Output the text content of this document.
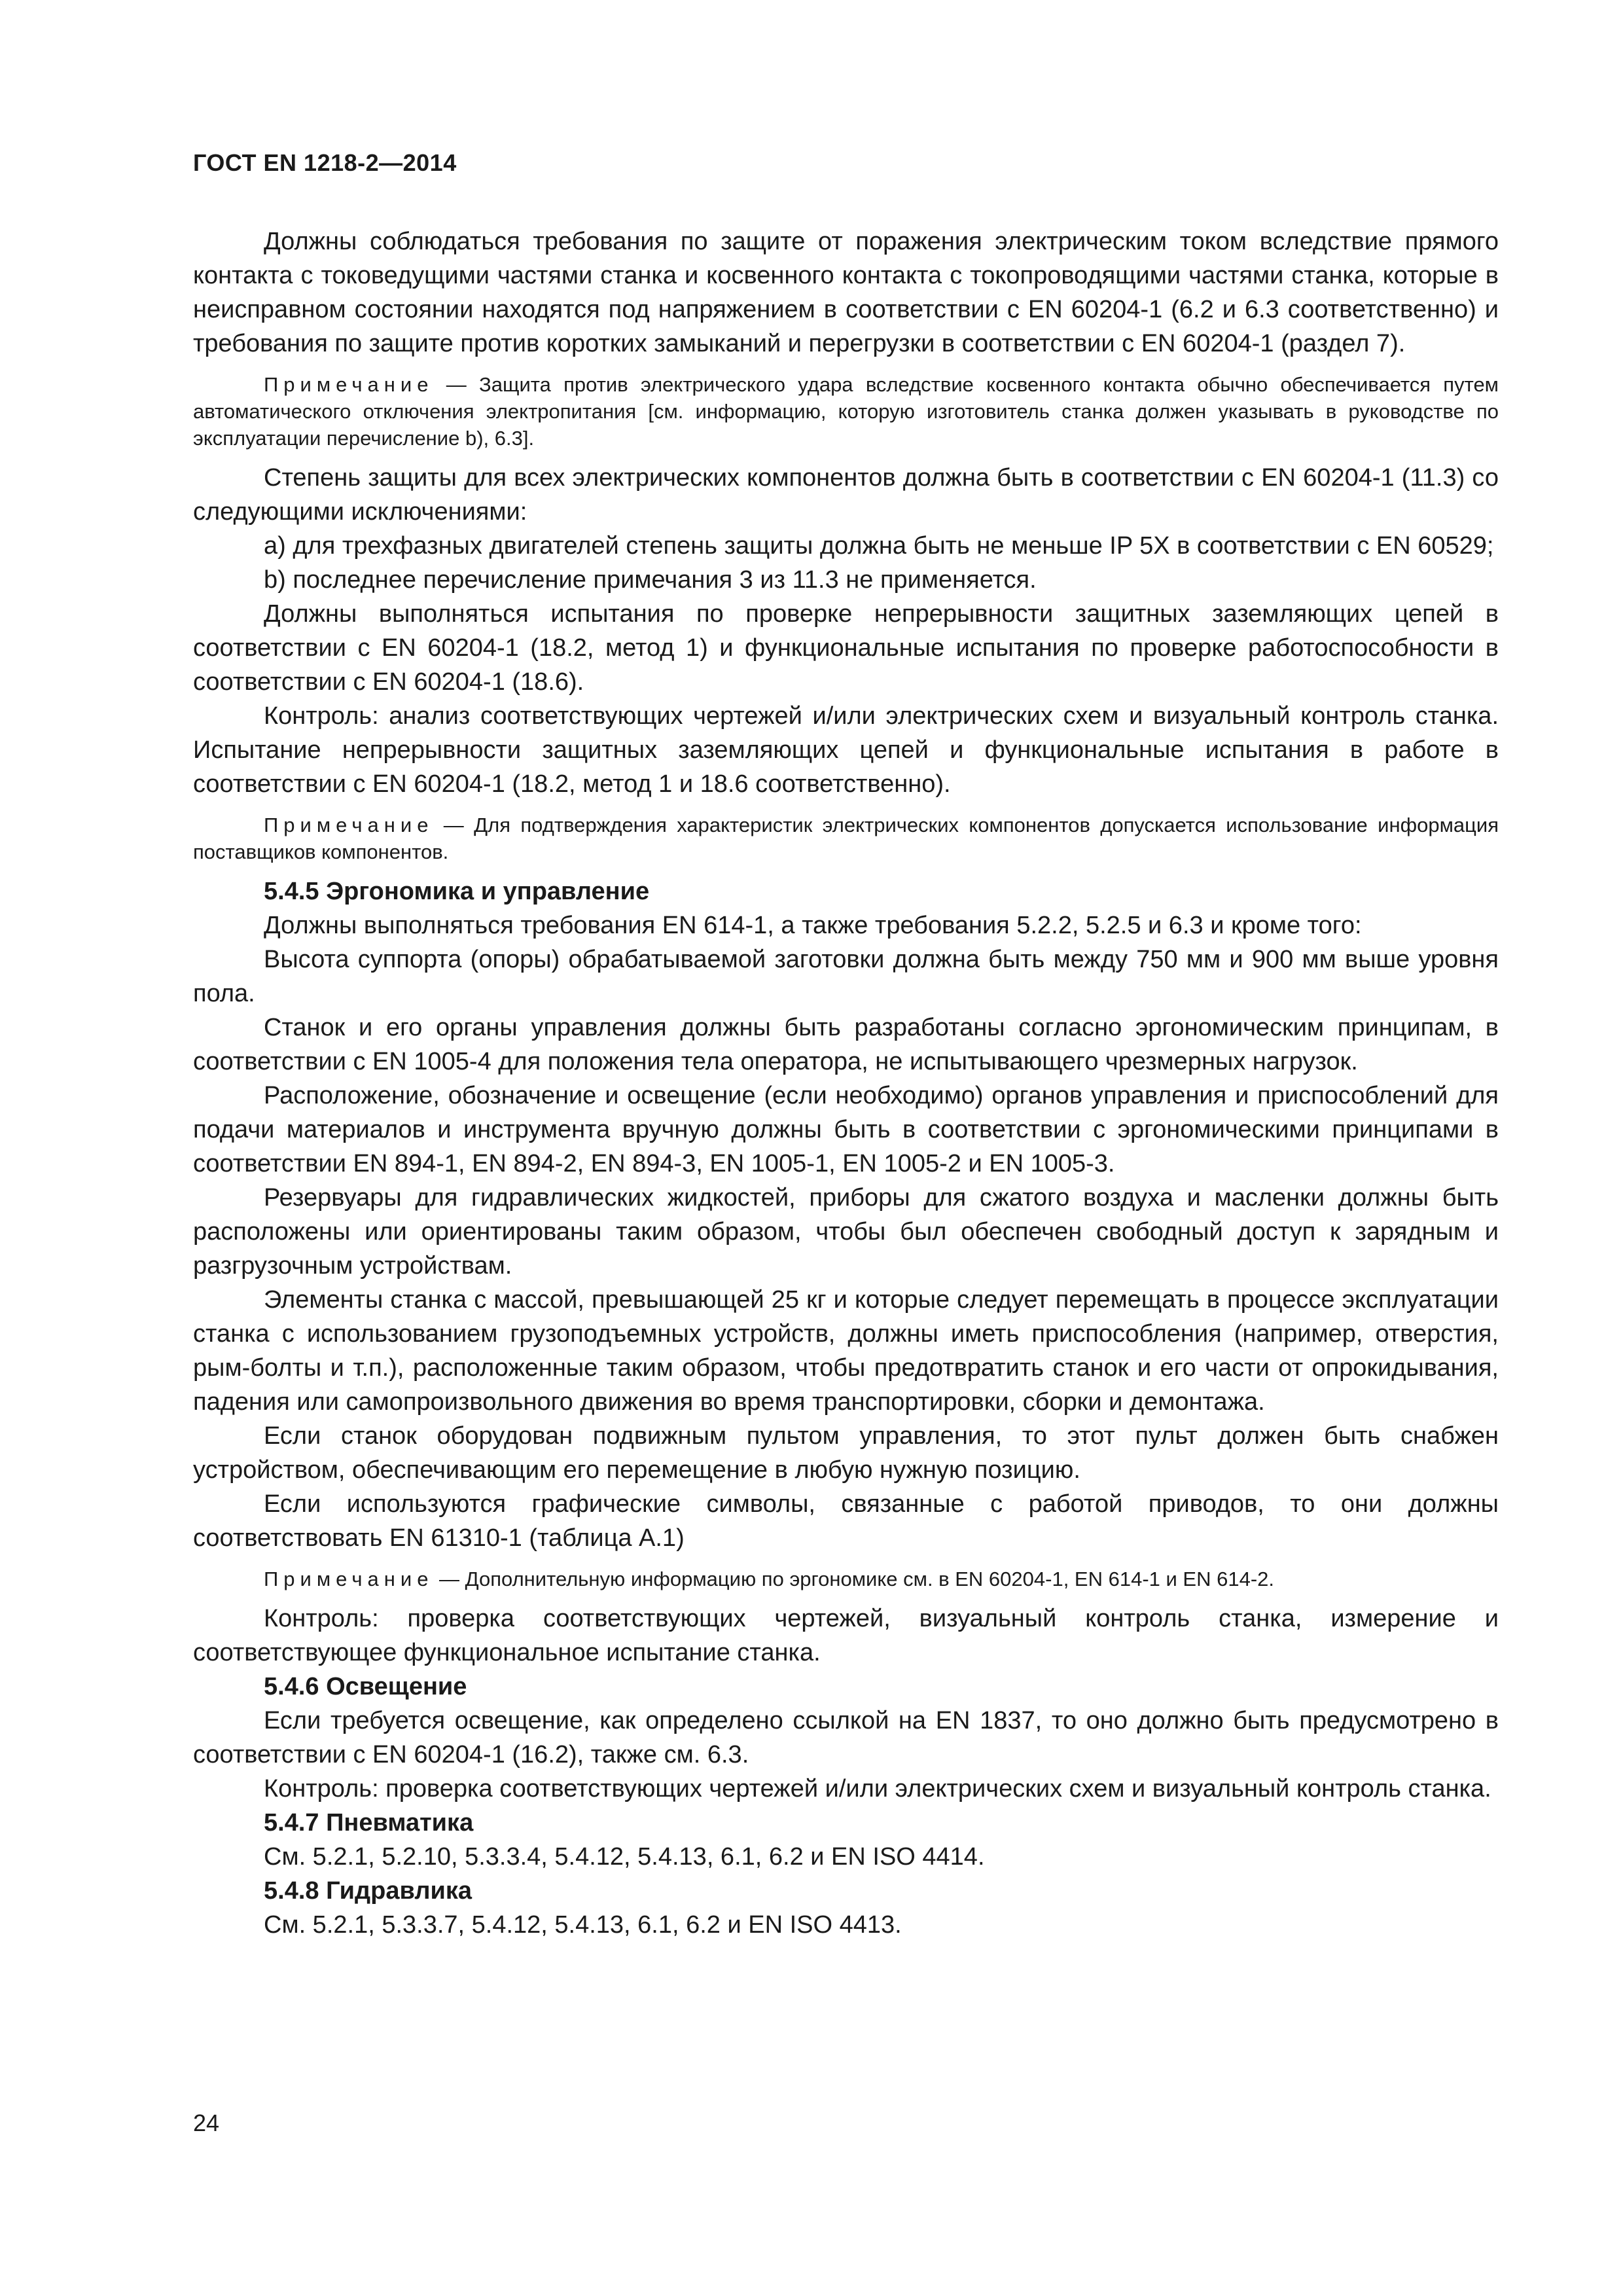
ГОСТ EN 1218-2—2014

Должны соблюдаться требования по защите от поражения электрическим током вследствие прямого контакта с токоведущими частями станка и косвенного контакта с токопроводящими частями станка, которые в неисправном состоянии находятся под напряжением в соответствии с EN 60204-1 (6.2 и 6.3 соответственно) и требования по защите против коротких замыканий и перегрузки в соответствии с EN 60204-1 (раздел 7).

Примечание — Защита против электрического удара вследствие косвенного контакта обычно обеспечивается путем автоматического отключения электропитания [см. информацию, которую изготовитель станка должен указывать в руководстве по эксплуатации перечисление b), 6.3].

Степень защиты для всех электрических компонентов должна быть в соответствии с EN 60204-1 (11.3) со следующими исключениями:

a) для трехфазных двигателей степень защиты должна быть не меньше IP 5X в соответствии с EN 60529;

b) последнее перечисление примечания 3 из 11.3 не применяется.

Должны выполняться испытания по проверке непрерывности защитных заземляющих цепей в соответствии с EN 60204-1 (18.2, метод 1) и функциональные испытания по проверке работоспособности в соответствии с EN 60204-1 (18.6).

Контроль: анализ соответствующих чертежей и/или электрических схем и визуальный контроль станка. Испытание непрерывности защитных заземляющих цепей и функциональные испытания в работе в соответствии с EN 60204-1 (18.2, метод 1 и 18.6 соответственно).

Примечание — Для подтверждения характеристик электрических компонентов допускается использование информация поставщиков компонентов.

5.4.5 Эргономика и управление

Должны выполняться требования EN 614-1, а также требования 5.2.2, 5.2.5 и 6.3 и кроме того:

Высота суппорта (опоры) обрабатываемой заготовки должна быть между 750 мм и 900 мм выше уровня пола.

Станок и его органы управления должны быть разработаны согласно эргономическим принципам, в соответствии с EN 1005-4 для положения тела оператора, не испытывающего чрезмерных нагрузок.

Расположение, обозначение и освещение (если необходимо) органов управления и приспособлений для подачи материалов и инструмента вручную должны быть в соответствии с эргономическими принципами в соответствии EN 894-1, EN 894-2, EN 894-3, EN 1005-1, EN 1005-2 и EN 1005-3.

Резервуары для гидравлических жидкостей, приборы для сжатого воздуха и масленки должны быть расположены или ориентированы таким образом, чтобы был обеспечен свободный доступ к зарядным и разгрузочным устройствам.

Элементы станка с массой, превышающей 25 кг и которые следует перемещать в процессе эксплуатации станка с использованием грузоподъемных устройств, должны иметь приспособления (например, отверстия, рым-болты и т.п.), расположенные таким образом, чтобы предотвратить станок и его части от опрокидывания, падения или самопроизвольного движения во время транспортировки, сборки и демонтажа.

Если станок оборудован подвижным пультом управления, то этот пульт должен быть снабжен устройством, обеспечивающим его перемещение в любую нужную позицию.

Если используются графические символы, связанные с работой приводов, то они должны соответствовать EN 61310-1 (таблица А.1)

Примечание — Дополнительную информацию по эргономике см. в EN 60204-1, EN 614-1 и EN 614-2.

Контроль: проверка соответствующих чертежей, визуальный контроль станка, измерение и соответствующее функциональное испытание станка.

5.4.6 Освещение

Если требуется освещение, как определено ссылкой на EN 1837, то оно должно быть предусмотрено в соответствии с EN 60204-1 (16.2), также см. 6.3.

Контроль: проверка соответствующих чертежей и/или электрических схем и визуальный контроль станка.

5.4.7 Пневматика

См. 5.2.1, 5.2.10, 5.3.3.4, 5.4.12, 5.4.13, 6.1, 6.2 и EN ISO 4414.

5.4.8 Гидравлика

См. 5.2.1, 5.3.3.7, 5.4.12, 5.4.13, 6.1, 6.2 и EN ISO 4413.

24
